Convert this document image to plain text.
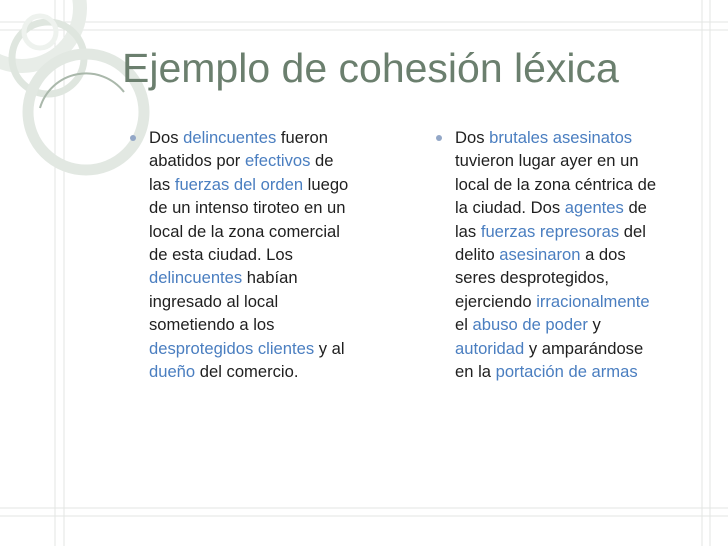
Ejemplo de cohesión léxica
Dos delincuentes fueron
abatidos por efectivos de
las fuerzas del orden luego
de un intenso tiroteo en un
local de la zona comercial
de esta ciudad. Los
delincuentes habían
ingresado al local
sometiendo a los
desprotegidos clientes y al
dueño del comercio.
Dos brutales asesinatos
tuvieron lugar ayer en un
local de la zona céntrica de
la ciudad. Dos agentes de
las fuerzas represoras del
delito asesinaron a dos
seres desprotegidos,
ejerciendo irracionalmente
el abuso de poder y
autoridad y amparándose
en la portación de armas
